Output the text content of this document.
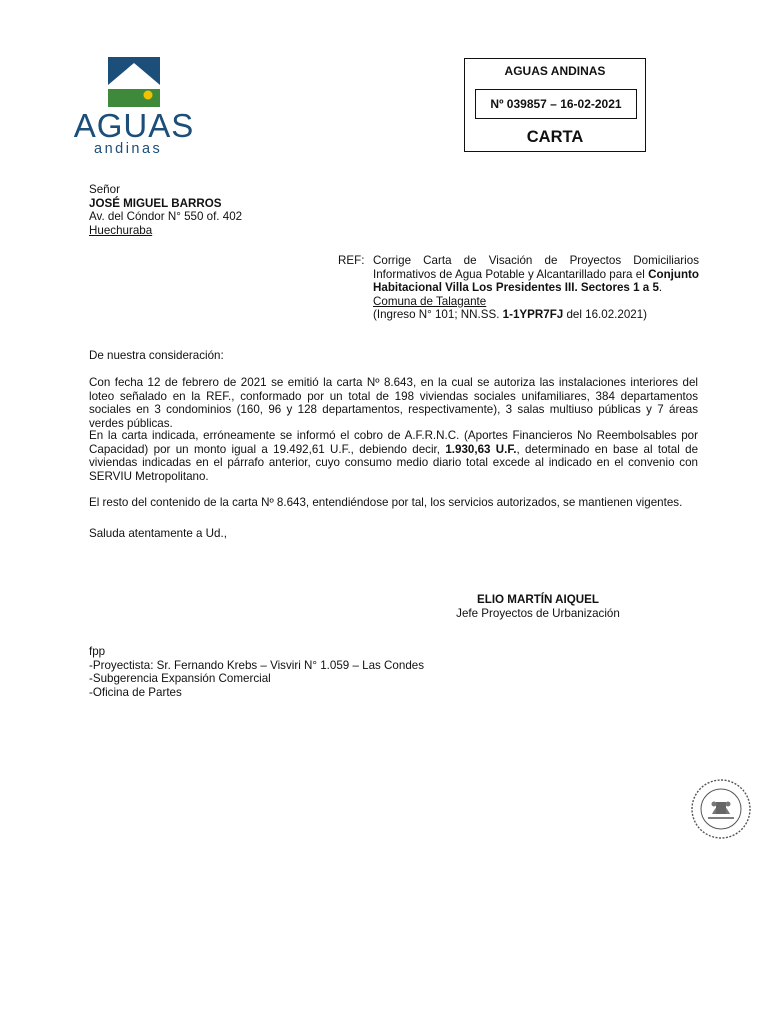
AGUAS
andinas
AGUAS ANDINAS
Nº 039857 – 16-02-2021
CARTA
Señor
JOSÉ MIGUEL BARROS
Av. del Cóndor N° 550 of. 402
Huechuraba
REF: Corrige Carta de Visación de Proyectos Domiciliarios Informativos de Agua Potable y Alcantarillado para el Conjunto Habitacional Villa Los Presidentes III. Sectores 1 a 5.
Comuna de Talagante
(Ingreso N° 101; NN.SS. 1-1YPR7FJ del 16.02.2021)
De nuestra consideración:
Con fecha 12 de febrero de 2021 se emitió la carta Nº 8.643, en la cual se autoriza las instalaciones interiores del loteo señalado en la REF., conformado por un total de 198 viviendas sociales unifamiliares, 384 departamentos sociales en 3 condominios (160, 96 y 128 departamentos, respectivamente), 3 salas multiuso públicas y 7 áreas verdes públicas.
En la carta indicada, erróneamente se informó el cobro de A.F.R.N.C. (Aportes Financieros No Reembolsables por Capacidad) por un monto igual a 19.492,61 U.F., debiendo decir, 1.930,63 U.F., determinado en base al total de viviendas indicadas en el párrafo anterior, cuyo consumo medio diario total excede al indicado en el convenio con SERVIU Metropolitano.
El resto del contenido de la carta Nº 8.643, entendiéndose por tal, los servicios autorizados, se mantienen vigentes.
Saluda atentamente a Ud.,
ELIO MARTÍN AIQUEL
Jefe Proyectos de Urbanización
fpp
-Proyectista: Sr. Fernando Krebs – Visviri N° 1.059 – Las Condes
-Subgerencia Expansión Comercial
-Oficina de Partes
